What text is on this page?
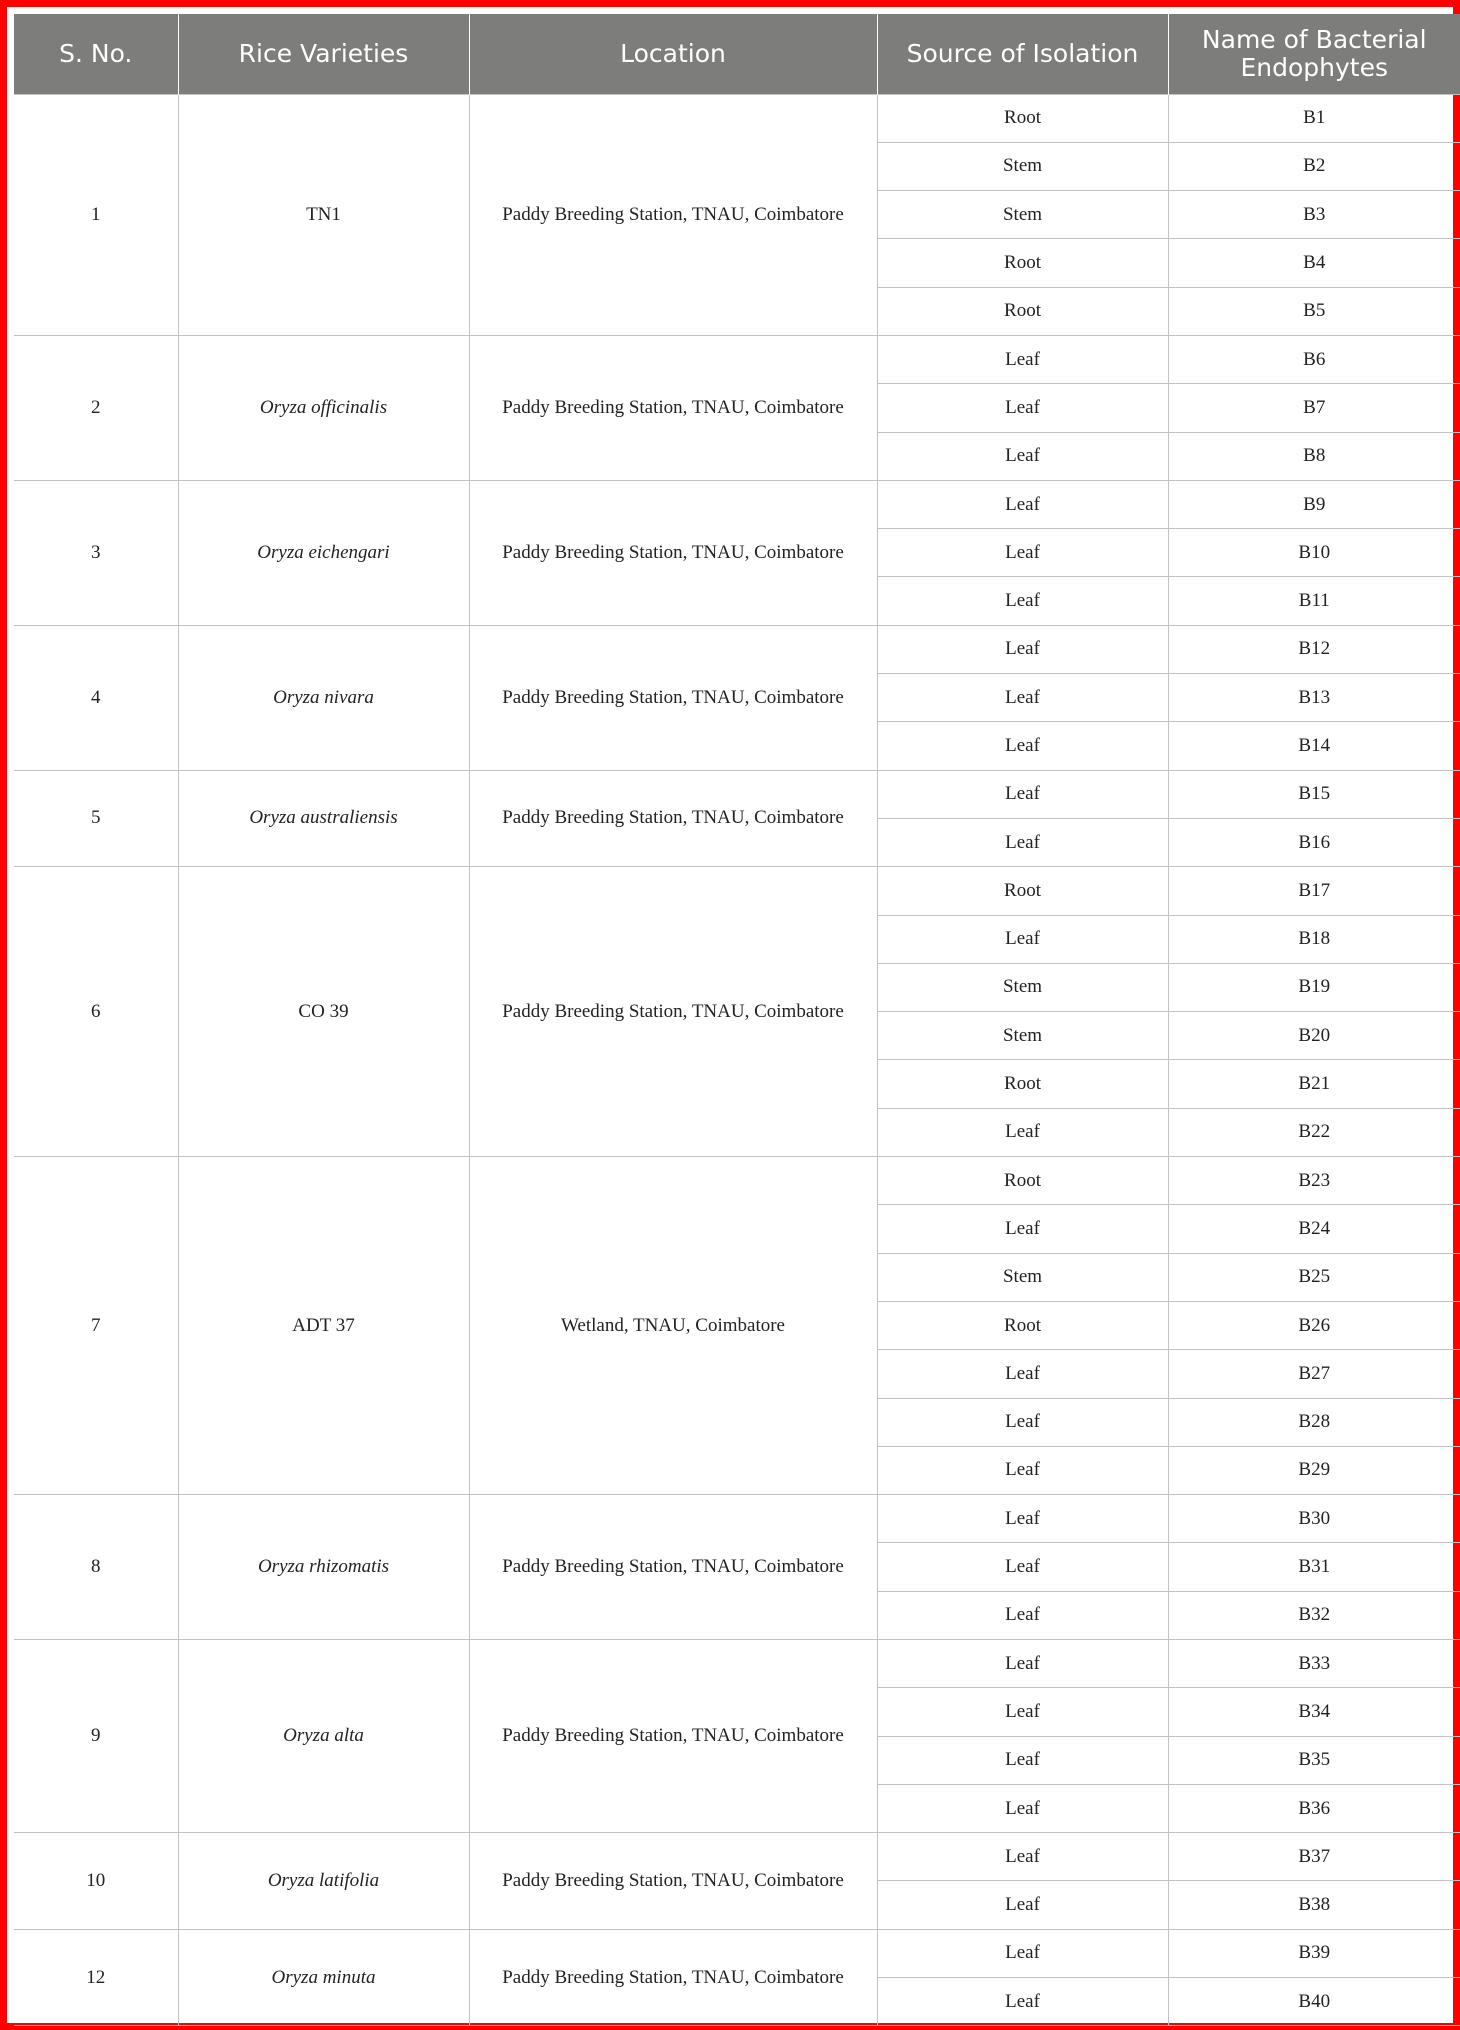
S. No.	Rice Varieties	Location	Source of Isolation	Name of Bacterial Endophytes
1	TN1	Paddy Breeding Station, TNAU, Coimbatore	Root	B1
			Stem	B2
			Stem	B3
			Root	B4
			Root	B5
2	Oryza officinalis	Paddy Breeding Station, TNAU, Coimbatore	Leaf	B6
			Leaf	B7
			Leaf	B8
3	Oryza eichengari	Paddy Breeding Station, TNAU, Coimbatore	Leaf	B9
			Leaf	B10
			Leaf	B11
4	Oryza nivara	Paddy Breeding Station, TNAU, Coimbatore	Leaf	B12
			Leaf	B13
			Leaf	B14
5	Oryza australiensis	Paddy Breeding Station, TNAU, Coimbatore	Leaf	B15
			Leaf	B16
6	CO 39	Paddy Breeding Station, TNAU, Coimbatore	Root	B17
			Leaf	B18
			Stem	B19
			Stem	B20
			Root	B21
			Leaf	B22
7	ADT 37	Wetland, TNAU, Coimbatore	Root	B23
			Leaf	B24
			Stem	B25
			Root	B26
			Leaf	B27
			Leaf	B28
			Leaf	B29
8	Oryza rhizomatis	Paddy Breeding Station, TNAU, Coimbatore	Leaf	B30
			Leaf	B31
			Leaf	B32
9	Oryza alta	Paddy Breeding Station, TNAU, Coimbatore	Leaf	B33
			Leaf	B34
			Leaf	B35
			Leaf	B36
10	Oryza latifolia	Paddy Breeding Station, TNAU, Coimbatore	Leaf	B37
			Leaf	B38
12	Oryza minuta	Paddy Breeding Station, TNAU, Coimbatore	Leaf	B39
			Leaf	B40
